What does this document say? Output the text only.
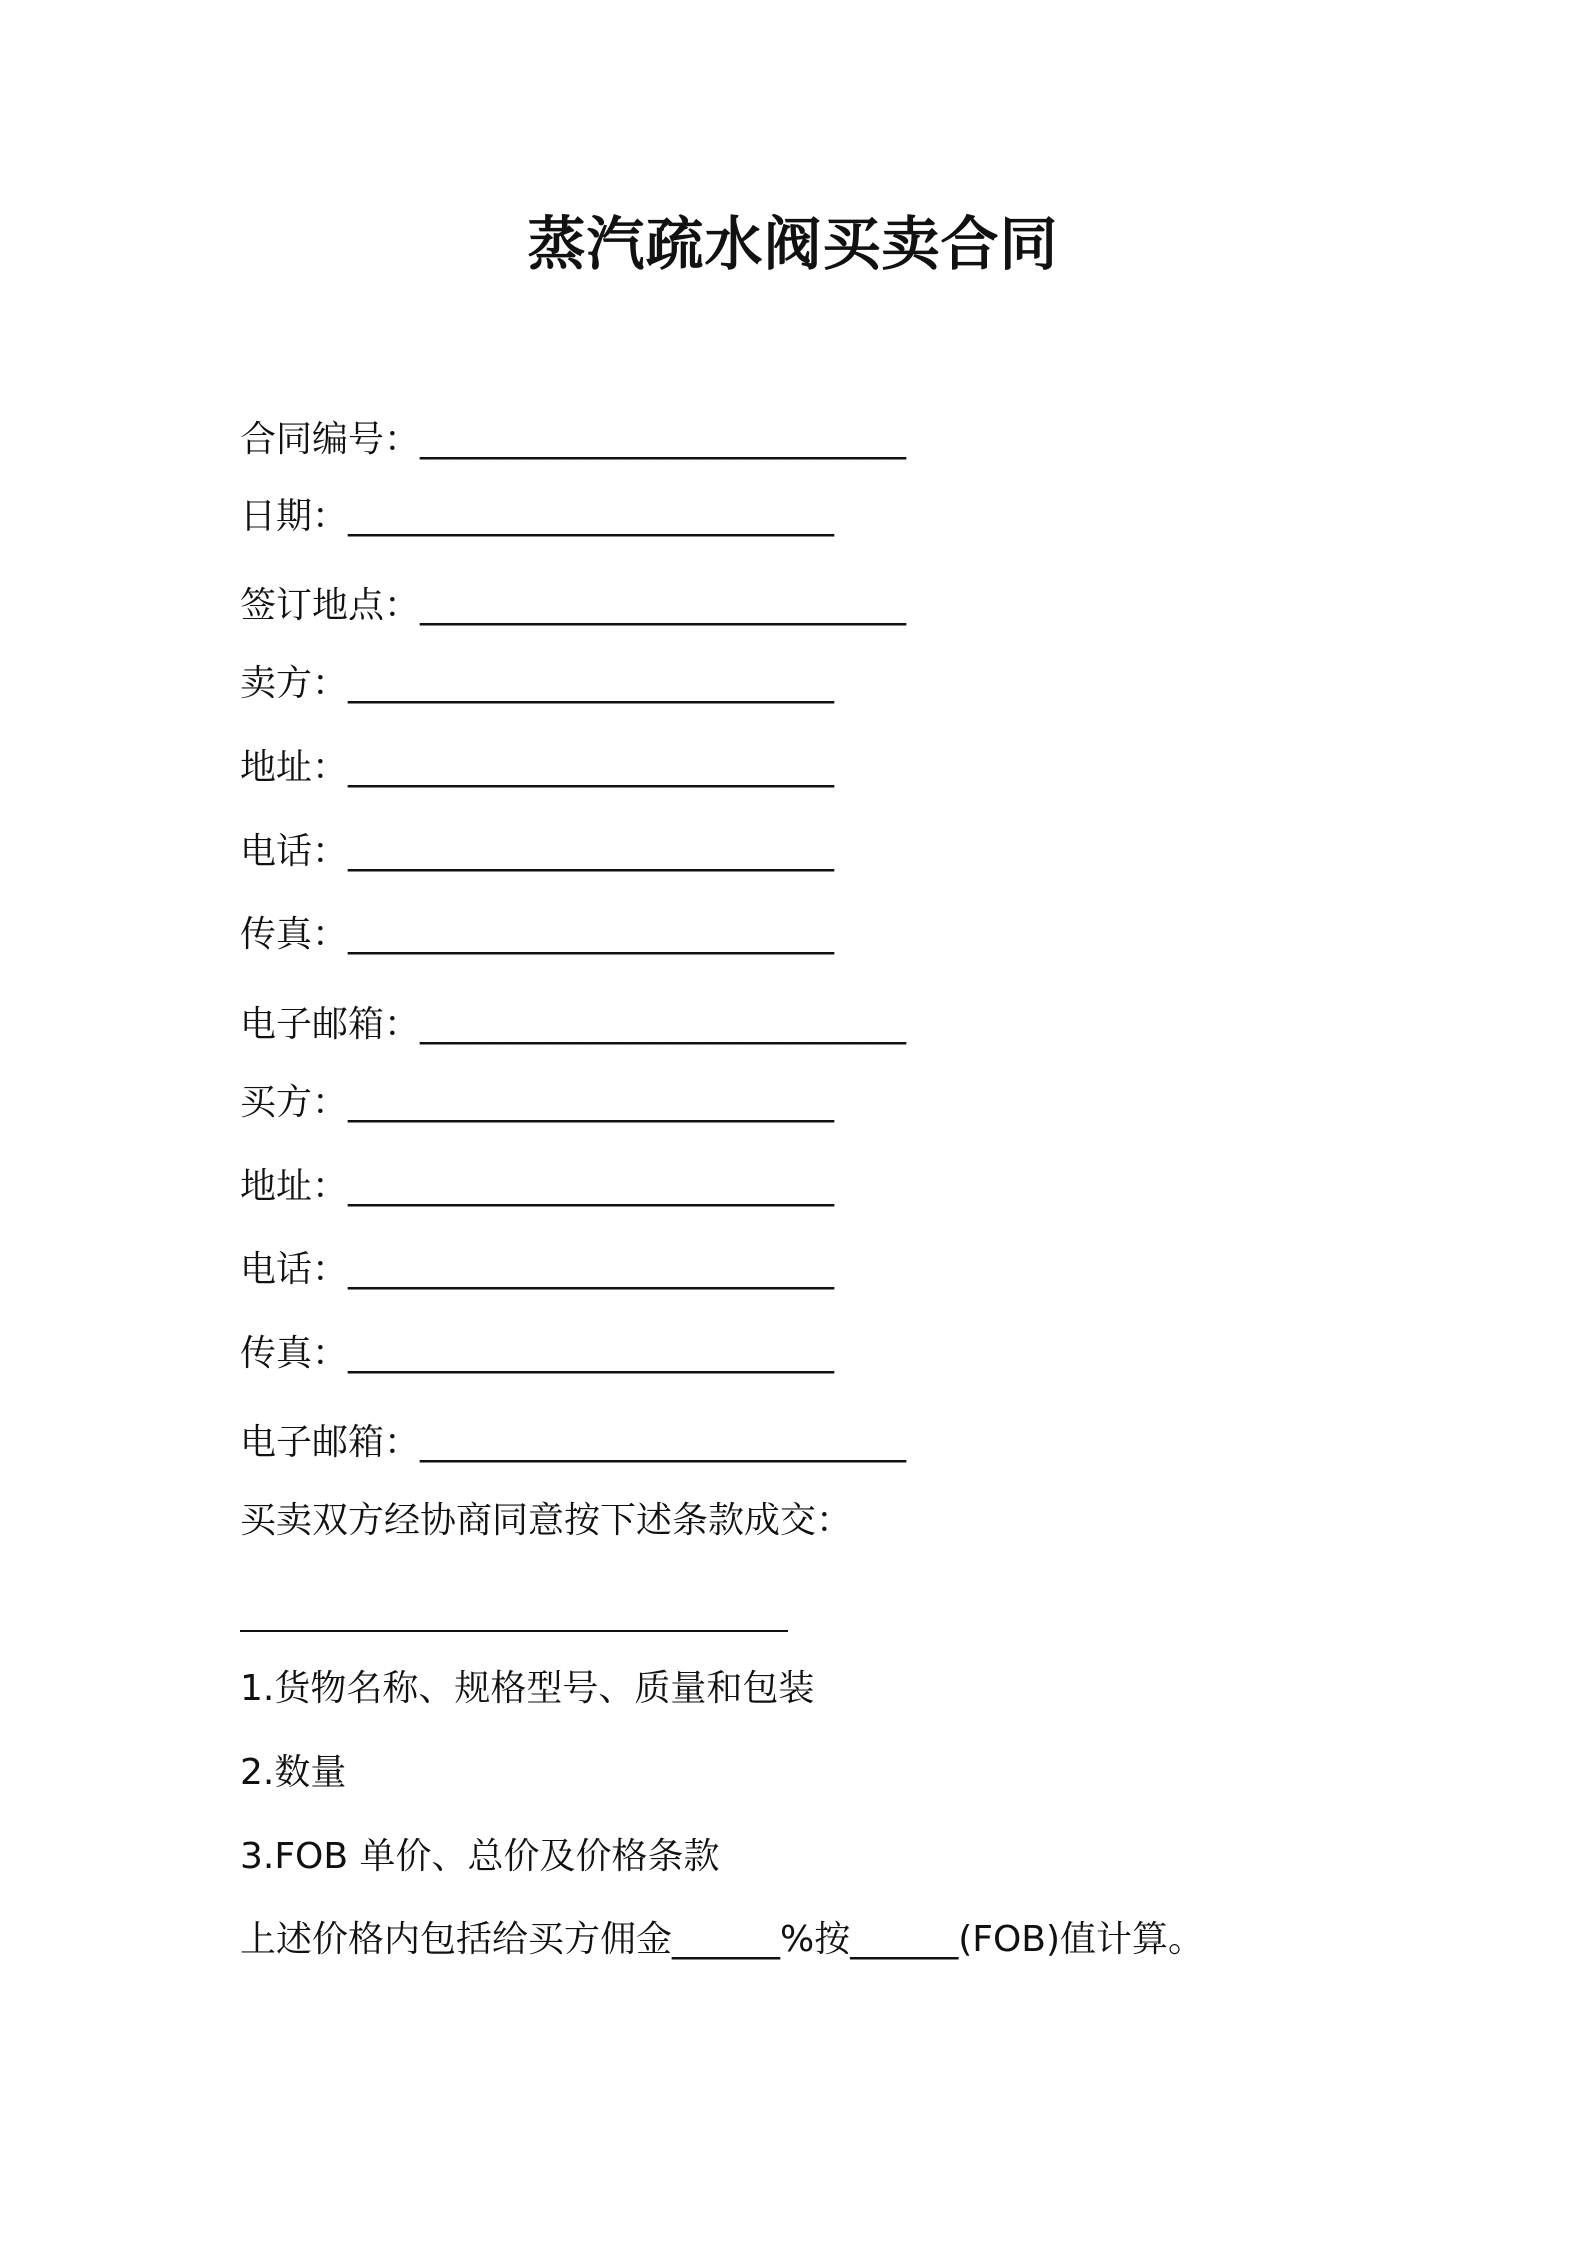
蒸汽疏水阀买卖合同
合同编号：___________________________
日期：___________________________
签订地点：___________________________
卖方：___________________________
地址：___________________________
电话：___________________________
传真：___________________________
电子邮箱：___________________________
买方：___________________________
地址：___________________________
电话：___________________________
传真：___________________________
电子邮箱：___________________________
买卖双方经协商同意按下述条款成交：
1.货物名称、规格型号、质量和包装
2.数量
3.FOB 单价、总价及价格条款
上述价格内包括给买方佣金______%按______(FOB)值计算。
